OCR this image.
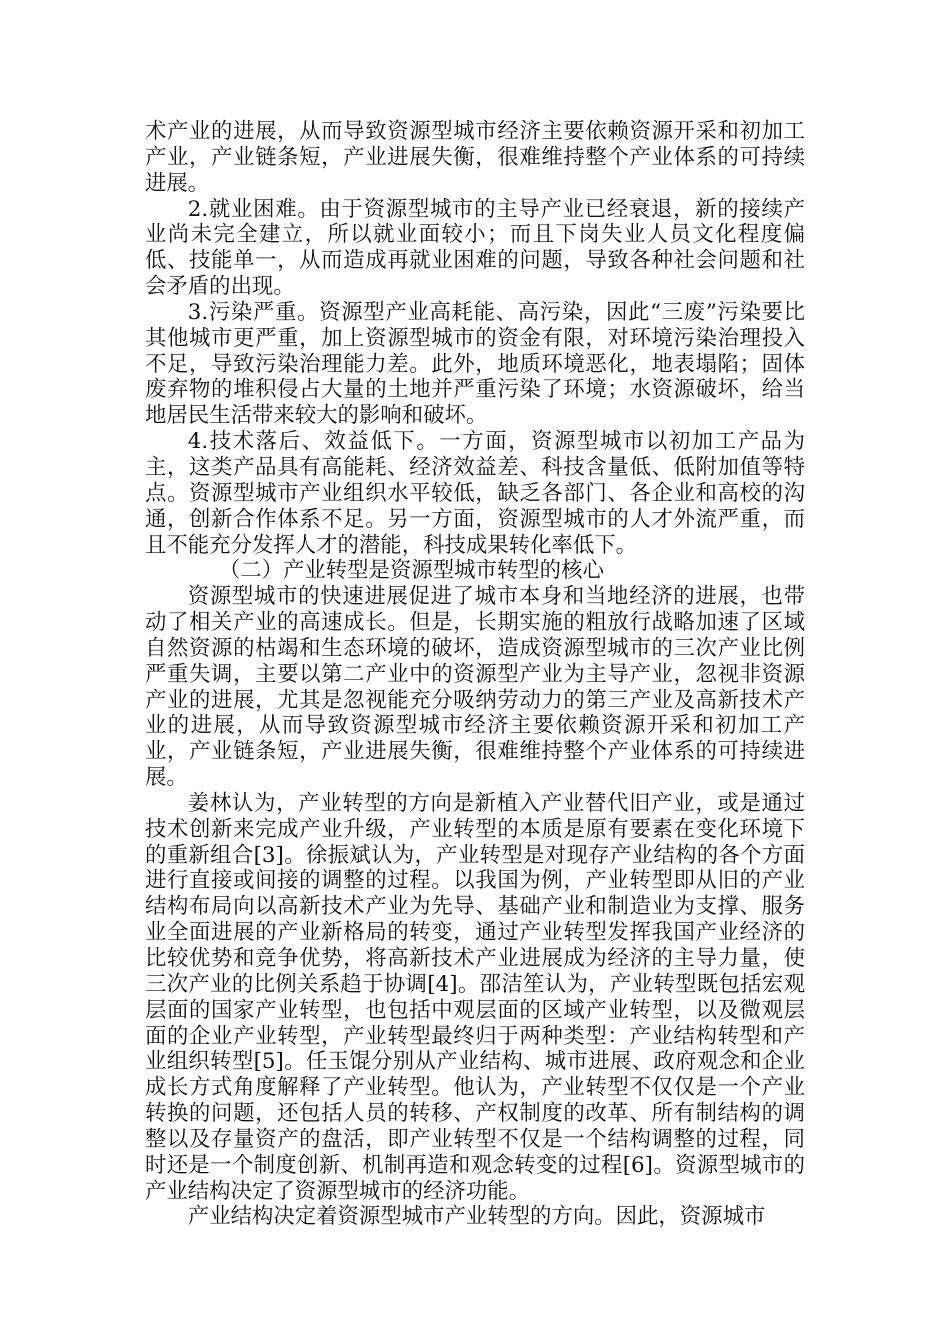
术产业的进展，从而导致资源型城市经济主要依赖资源开采和初加工产业，产业链条短，产业进展失衡，很难维持整个产业体系的可持续进展。

2.就业困难。由于资源型城市的主导产业已经衰退，新的接续产业尚未完全建立，所以就业面较小；而且下岗失业人员文化程度偏低、技能单一，从而造成再就业困难的问题，导致各种社会问题和社会矛盾的出现。

3.污染严重。资源型产业高耗能、高污染，因此“三废”污染要比其他城市更严重，加上资源型城市的资金有限，对环境污染治理投入不足，导致污染治理能力差。此外，地质环境恶化，地表塌陷；固体废弃物的堆积侵占大量的土地并严重污染了环境；水资源破坏，给当地居民生活带来较大的影响和破坏。

4.技术落后、效益低下。一方面，资源型城市以初加工产品为主，这类产品具有高能耗、经济效益差、科技含量低、低附加值等特点。资源型城市产业组织水平较低，缺乏各部门、各企业和高校的沟通，创新合作体系不足。另一方面，资源型城市的人才外流严重，而且不能充分发挥人才的潜能，科技成果转化率低下。

（二）产业转型是资源型城市转型的核心

资源型城市的快速进展促进了城市本身和当地经济的进展，也带动了相关产业的高速成长。但是，长期实施的粗放行战略加速了区域自然资源的枯竭和生态环境的破坏，造成资源型城市的三次产业比例严重失调，主要以第二产业中的资源型产业为主导产业，忽视非资源产业的进展，尤其是忽视能充分吸纳劳动力的第三产业及高新技术产业的进展，从而导致资源型城市经济主要依赖资源开采和初加工产业，产业链条短，产业进展失衡，很难维持整个产业体系的可持续进展。

姜林认为，产业转型的方向是新植入产业替代旧产业，或是通过技术创新来完成产业升级，产业转型的本质是原有要素在变化环境下的重新组合[3]。徐振斌认为，产业转型是对现存产业结构的各个方面进行直接或间接的调整的过程。以我国为例，产业转型即从旧的产业结构布局向以高新技术产业为先导、基础产业和制造业为支撑、服务业全面进展的产业新格局的转变，通过产业转型发挥我国产业经济的比较优势和竞争优势，将高新技术产业进展成为经济的主导力量，使三次产业的比例关系趋于协调[4]。邵洁笙认为，产业转型既包括宏观层面的国家产业转型，也包括中观层面的区域产业转型，以及微观层面的企业产业转型，产业转型最终归于两种类型：产业结构转型和产业组织转型[5]。任玉馄分别从产业结构、城市进展、政府观念和企业成长方式角度解释了产业转型。他认为，产业转型不仅仅是一个产业转换的问题，还包括人员的转移、产权制度的改革、所有制结构的调整以及存量资产的盘活，即产业转型不仅是一个结构调整的过程，同时还是一个制度创新、机制再造和观念转变的过程[6]。资源型城市的产业结构决定了资源型城市的经济功能。

产业结构决定着资源型城市产业转型的方向。因此，资源城市
